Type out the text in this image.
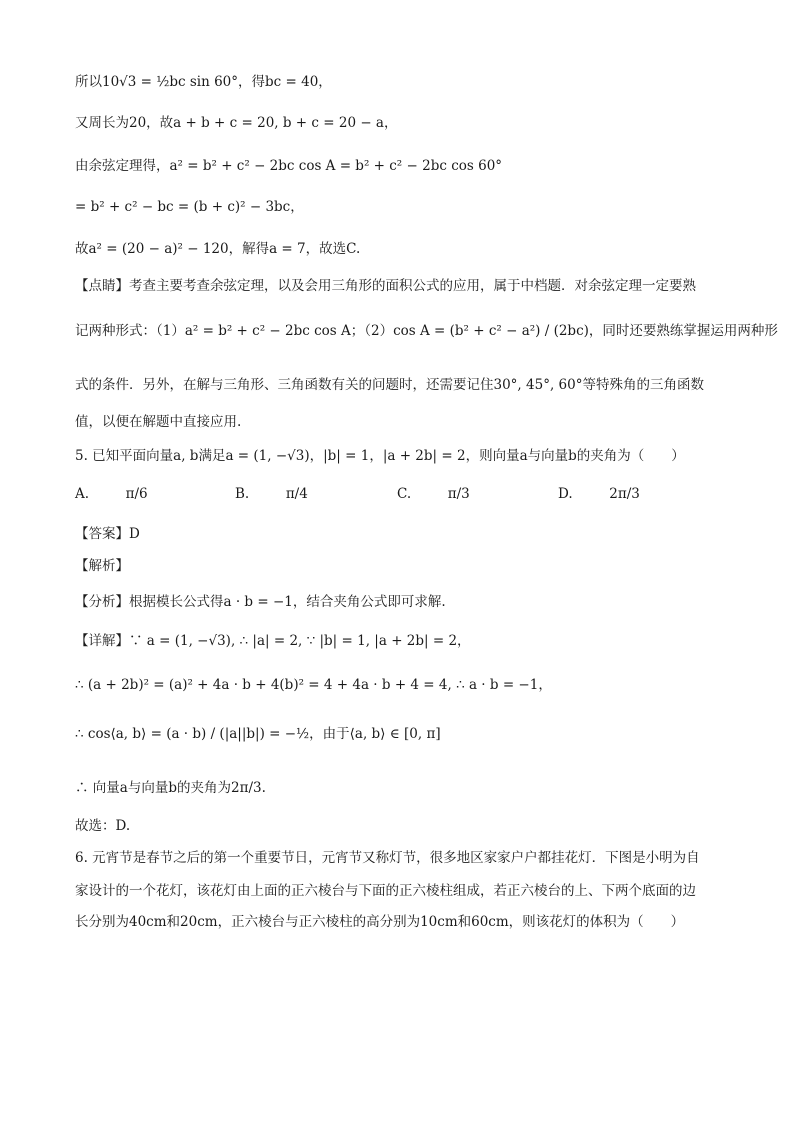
所以10√3 = ½bc sin 60°，得bc = 40，
又周长为20，故a + b + c = 20, b + c = 20 − a，
由余弦定理得，a² = b² + c² − 2bc cos A = b² + c² − 2bc cos 60°
= b² + c² − bc = (b + c)² − 3bc，
故a² = (20 − a)² − 120，解得a = 7，故选C.
【点睛】考查主要考查余弦定理，以及会用三角形的面积公式的应用，属于中档题．对余弦定理一定要熟
记两种形式：（1）a² = b² + c² − 2bc cos A；（2）cos A = (b² + c² − a²) / (2bc)，同时还要熟练掌握运用两种形
式的条件．另外，在解与三角形、三角函数有关的问题时，还需要记住30°, 45°, 60°等特殊角的三角函数
值，以便在解题中直接应用.
5. 已知平面向量a, b满足a = (1, −√3)，|b| = 1，|a + 2b| = 2，则向量a与向量b的夹角为（　　）
A.	π/6	B.	π/4	C.	π/3	D.	2π/3
【答案】D
【解析】
【分析】根据模长公式得a · b = −1，结合夹角公式即可求解.
【详解】∵ a = (1, −√3), ∴ |a| = 2, ∵ |b| = 1, |a + 2b| = 2，
∴ (a + 2b)² = (a)² + 4a · b + 4(b)² = 4 + 4a · b + 4 = 4, ∴ a · b = −1，
∴ cos⟨a, b⟩ = (a · b) / (|a||b|) = −½，由于⟨a, b⟩ ∈ [0, π]
∴ 向量a与向量b的夹角为2π/3.
故选：D.
6. 元宵节是春节之后的第一个重要节日，元宵节又称灯节，很多地区家家户户都挂花灯．下图是小明为自
家设计的一个花灯，该花灯由上面的正六棱台与下面的正六棱柱组成，若正六棱台的上、下两个底面的边
长分别为40cm和20cm，正六棱台与正六棱柱的高分别为10cm和60cm，则该花灯的体积为（　　）
